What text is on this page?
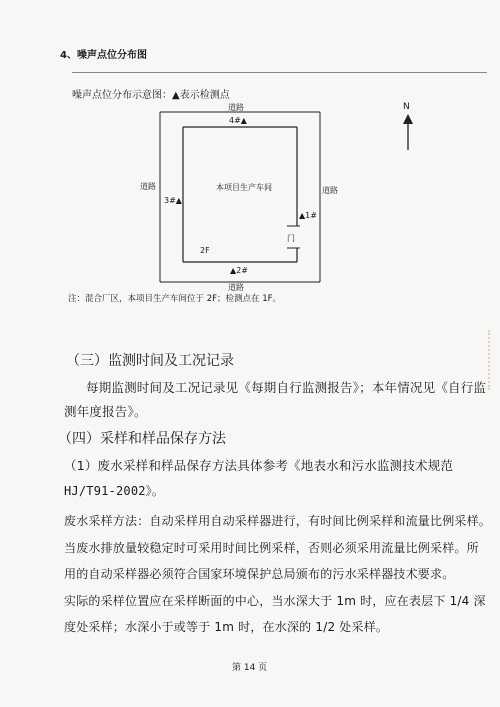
4、噪声点位分布图
噪声点位分布示意图：▲表示检测点
道路
4#▲
道路	道路
本项目生产车间
3#▲
▲1#
门
2F
▲2#
道路
N
注：混合厂区，本项目生产车间位于 2F；检测点在 1F。
（三）监测时间及工况记录
每期监测时间及工况记录见《每期自行监测报告》；本年情况见《自行监
测年度报告》。
（四）采样和样品保存方法
（1）废水采样和样品保存方法具体参考《地表水和污水监测技术规范
HJ/T91-2002》。
废水采样方法：自动采样用自动采样器进行，有时间比例采样和流量比例采样。
当废水排放量较稳定时可采用时间比例采样，否则必须采用流量比例采样。所
用的自动采样器必须符合国家环境保护总局颁布的污水采样器技术要求。
实际的采样位置应在采样断面的中心，当水深大于 1m 时，应在表层下 1/4 深
度处采样；水深小于或等于 1m 时，在水深的 1/2 处采样。
第 14 页
